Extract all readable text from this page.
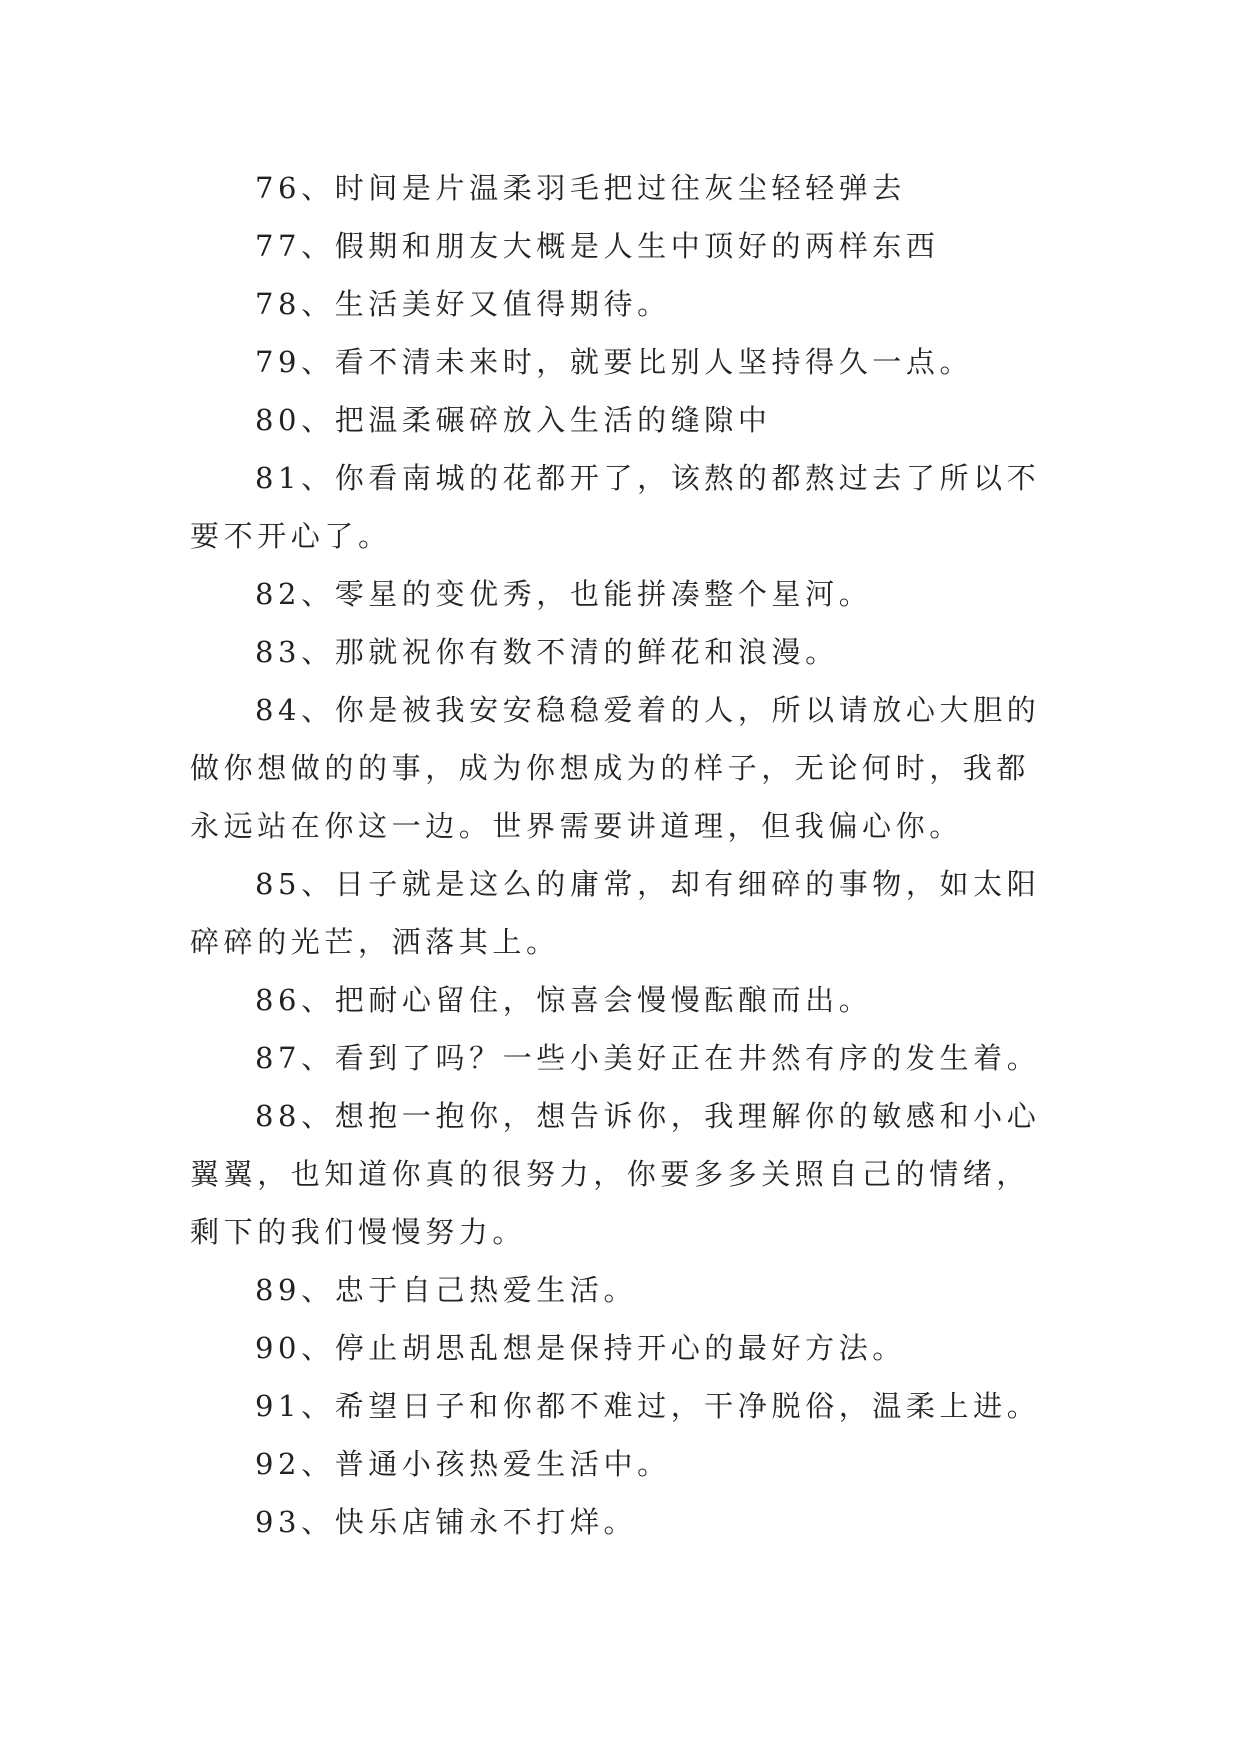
76、时间是片温柔羽毛把过往灰尘轻轻弹去

77、假期和朋友大概是人生中顶好的两样东西

78、生活美好又值得期待。

79、看不清未来时，就要比别人坚持得久一点。

80、把温柔碾碎放入生活的缝隙中

81、你看南城的花都开了，该熬的都熬过去了所以不要不开心了。

82、零星的变优秀，也能拼凑整个星河。

83、那就祝你有数不清的鲜花和浪漫。

84、你是被我安安稳稳爱着的人，所以请放心大胆的做你想做的的事，成为你想成为的样子，无论何时，我都永远站在你这一边。世界需要讲道理，但我偏心你。

85、日子就是这么的庸常，却有细碎的事物，如太阳碎碎的光芒，洒落其上。

86、把耐心留住，惊喜会慢慢酝酿而出。

87、看到了吗？一些小美好正在井然有序的发生着。

88、想抱一抱你，想告诉你，我理解你的敏感和小心翼翼，也知道你真的很努力，你要多多关照自己的情绪，剩下的我们慢慢努力。

89、忠于自己热爱生活。

90、停止胡思乱想是保持开心的最好方法。

91、希望日子和你都不难过，干净脱俗，温柔上进。

92、普通小孩热爱生活中。

93、快乐店铺永不打烊。
